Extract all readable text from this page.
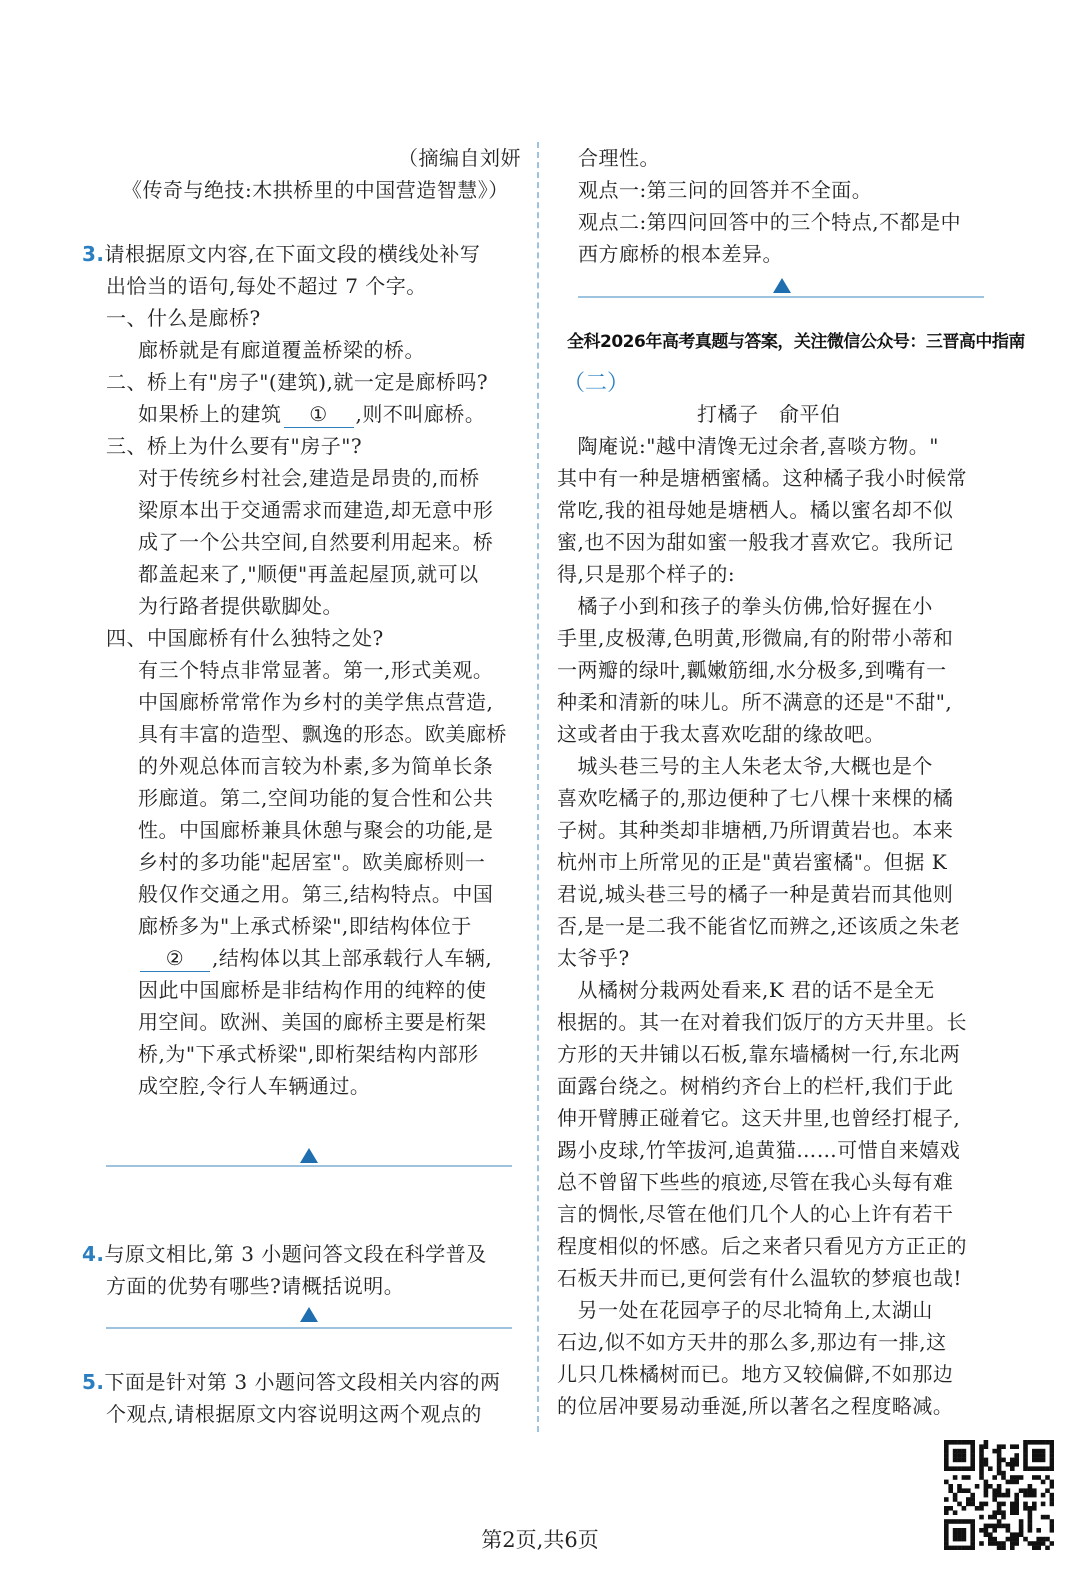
（摘编自刘妍
《传奇与绝技:木拱桥里的中国营造智慧》）
3.请根据原文内容,在下面文段的横线处补写
出恰当的语句,每处不超过 7 个字。
一、什么是廊桥?
廊桥就是有廊道覆盖桥梁的桥。
二、桥上有"房子"(建筑),就一定是廊桥吗?
如果桥上的建筑 ① ,则不叫廊桥。
三、桥上为什么要有"房子"?
对于传统乡村社会,建造是昂贵的,而桥
梁原本出于交通需求而建造,却无意中形
成了一个公共空间,自然要利用起来。桥
都盖起来了,"顺便"再盖起屋顶,就可以
为行路者提供歇脚处。
四、中国廊桥有什么独特之处?
有三个特点非常显著。第一,形式美观。
中国廊桥常常作为乡村的美学焦点营造,
具有丰富的造型、飘逸的形态。欧美廊桥
的外观总体而言较为朴素,多为简单长条
形廊道。第二,空间功能的复合性和公共
性。中国廊桥兼具休憩与聚会的功能,是
乡村的多功能"起居室"。欧美廊桥则一
般仅作交通之用。第三,结构特点。中国
廊桥多为"上承式桥梁",即结构体位于
② ,结构体以其上部承载行人车辆,
因此中国廊桥是非结构作用的纯粹的使
用空间。欧洲、美国的廊桥主要是桁架
桥,为"下承式桥梁",即桁架结构内部形
成空腔,令行人车辆通过。
4.与原文相比,第 3 小题问答文段在科学普及
方面的优势有哪些?请概括说明。
5.下面是针对第 3 小题问答文段相关内容的两
个观点,请根据原文内容说明这两个观点的
合理性。
观点一:第三问的回答并不全面。
观点二:第四问回答中的三个特点,不都是中
西方廊桥的根本差异。
全科2026年高考真题与答案，关注微信公众号：三晋高中指南
（二）
打橘子　俞平伯
　陶庵说:"越中清馋无过余者,喜啖方物。"
其中有一种是塘栖蜜橘。这种橘子我小时候常
常吃,我的祖母她是塘栖人。橘以蜜名却不似
蜜,也不因为甜如蜜一般我才喜欢它。我所记
得,只是那个样子的:
　橘子小到和孩子的拳头仿佛,恰好握在小
手里,皮极薄,色明黄,形微扁,有的附带小蒂和
一两瓣的绿叶,瓤嫩筋细,水分极多,到嘴有一
种柔和清新的味儿。所不满意的还是"不甜",
这或者由于我太喜欢吃甜的缘故吧。
　城头巷三号的主人朱老太爷,大概也是个
喜欢吃橘子的,那边便种了七八棵十来棵的橘
子树。其种类却非塘栖,乃所谓黄岩也。本来
杭州市上所常见的正是"黄岩蜜橘"。但据 K
君说,城头巷三号的橘子一种是黄岩而其他则
否,是一是二我不能省忆而辨之,还该质之朱老
太爷乎?
　从橘树分栽两处看来,K 君的话不是全无
根据的。其一在对着我们饭厅的方天井里。长
方形的天井铺以石板,靠东墙橘树一行,东北两
面露台绕之。树梢约齐台上的栏杆,我们于此
伸开臂膊正碰着它。这天井里,也曾经打棍子,
踢小皮球,竹竿拔河,追黄猫……可惜自来嬉戏
总不曾留下些些的痕迹,尽管在我心头每有难
言的惆怅,尽管在他们几个人的心上许有若干
程度相似的怀感。后之来者只看见方方正正的
石板天井而已,更何尝有什么温软的梦痕也哉!
　另一处在花园亭子的尽北犄角上,太湖山
石边,似不如方天井的那么多,那边有一排,这
儿只几株橘树而已。地方又较偏僻,不如那边
的位居冲要易动垂涎,所以著名之程度略减。
第2页,共6页
